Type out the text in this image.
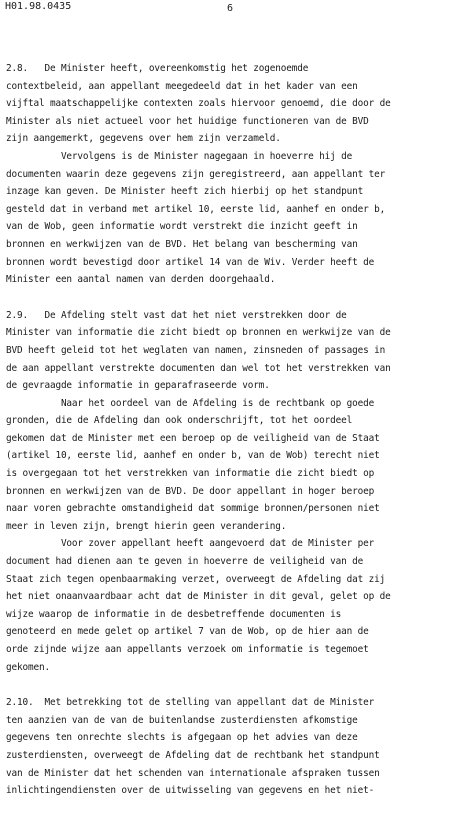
H01.98.0435	6
2.8.   De Minister heeft, overeenkomstig het zogenoemde
contextbeleid, aan appellant meegedeeld dat in het kader van een
vijftal maatschappelijke contexten zoals hiervoor genoemd, die door de
Minister als niet actueel voor het huidige functioneren van de BVD
zijn aangemerkt, gegevens over hem zijn verzameld.
Vervolgens is de Minister nagegaan in hoeverre hij de
documenten waarin deze gegevens zijn geregistreerd, aan appellant ter
inzage kan geven. De Minister heeft zich hierbij op het standpunt
gesteld dat in verband met artikel 10, eerste lid, aanhef en onder b,
van de Wob, geen informatie wordt verstrekt die inzicht geeft in
bronnen en werkwijzen van de BVD. Het belang van bescherming van
bronnen wordt bevestigd door artikel 14 van de Wiv. Verder heeft de
Minister een aantal namen van derden doorgehaald.
2.9.   De Afdeling stelt vast dat het niet verstrekken door de
Minister van informatie die zicht biedt op bronnen en werkwijze van de
BVD heeft geleid tot het weglaten van namen, zinsneden of passages in
de aan appellant verstrekte documenten dan wel tot het verstrekken van
de gevraagde informatie in geparafraseerde vorm.
Naar het oordeel van de Afdeling is de rechtbank op goede
gronden, die de Afdeling dan ook onderschrijft, tot het oordeel
gekomen dat de Minister met een beroep op de veiligheid van de Staat
(artikel 10, eerste lid, aanhef en onder b, van de Wob) terecht niet
is overgegaan tot het verstrekken van informatie die zicht biedt op
bronnen en werkwijzen van de BVD. De door appellant in hoger beroep
naar voren gebrachte omstandigheid dat sommige bronnen/personen niet
meer in leven zijn, brengt hierin geen verandering.
Voor zover appellant heeft aangevoerd dat de Minister per
document had dienen aan te geven in hoeverre de veiligheid van de
Staat zich tegen openbaarmaking verzet, overweegt de Afdeling dat zij
het niet onaanvaardbaar acht dat de Minister in dit geval, gelet op de
wijze waarop de informatie in de desbetreffende documenten is
genoteerd en mede gelet op artikel 7 van de Wob, op de hier aan de
orde zijnde wijze aan appellants verzoek om informatie is tegemoet
gekomen.
2.10.  Met betrekking tot de stelling van appellant dat de Minister
ten aanzien van de van de buitenlandse zusterdiensten afkomstige
gegevens ten onrechte slechts is afgegaan op het advies van deze
zusterdiensten, overweegt de Afdeling dat de rechtbank het standpunt
van de Minister dat het schenden van internationale afspraken tussen
inlichtingendiensten over de uitwisseling van gegevens en het niet-
